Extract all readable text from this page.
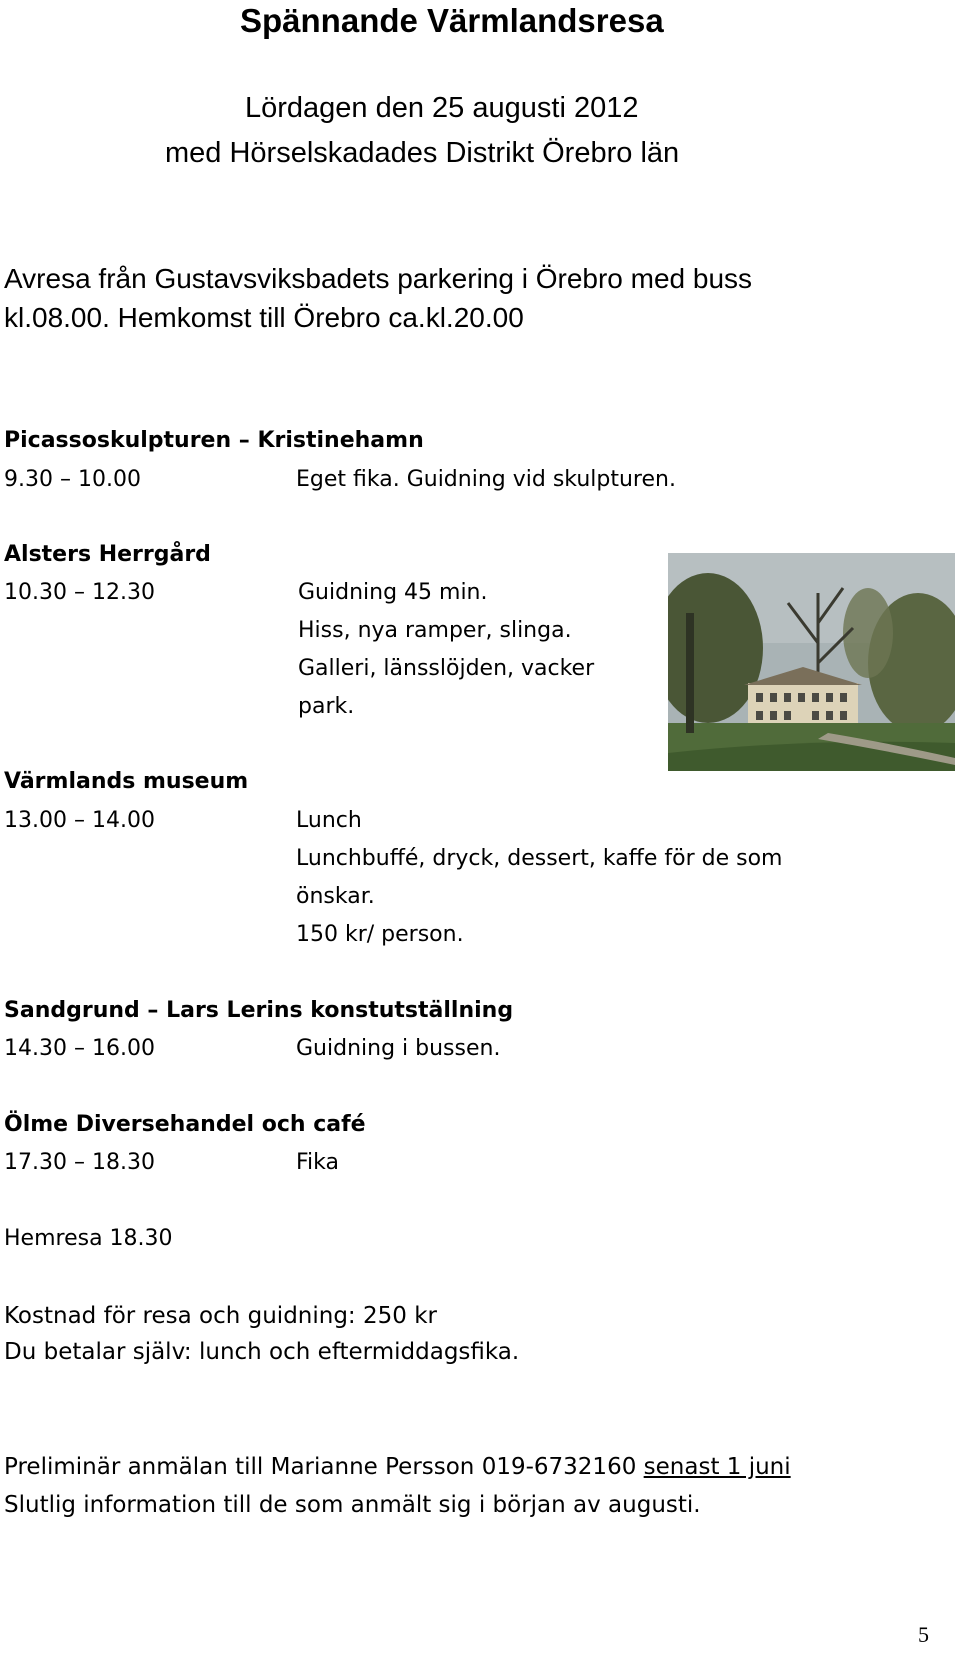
Spännande Värmlandsresa
Lördagen den 25 augusti 2012
med Hörselskadades Distrikt Örebro län
Avresa från Gustavsviksbadets parkering i Örebro med buss
kl.08.00. Hemkomst till Örebro ca.kl.20.00
Picassoskulpturen – Kristinehamn
9.30 – 10.00	Eget fika. Guidning vid skulpturen.
Alsters Herrgård
10.30 – 12.30	Guidning 45 min.
Hiss, nya ramper, slinga.
Galleri, länsslöjden, vacker
park.
Värmlands museum
13.00 – 14.00	Lunch
Lunchbuffé, dryck, dessert, kaffe för de som
önskar.
150 kr/ person.
Sandgrund – Lars Lerins konstutställning
14.30 – 16.00	Guidning i bussen.
Ölme Diversehandel och café
17.30 – 18.30	Fika
Hemresa 18.30
Kostnad för resa och guidning: 250 kr
Du betalar själv: lunch och eftermiddagsfika.
Preliminär anmälan till Marianne Persson 019-6732160 senast 1 juni
Slutlig information till de som anmält sig i början av augusti.
5
